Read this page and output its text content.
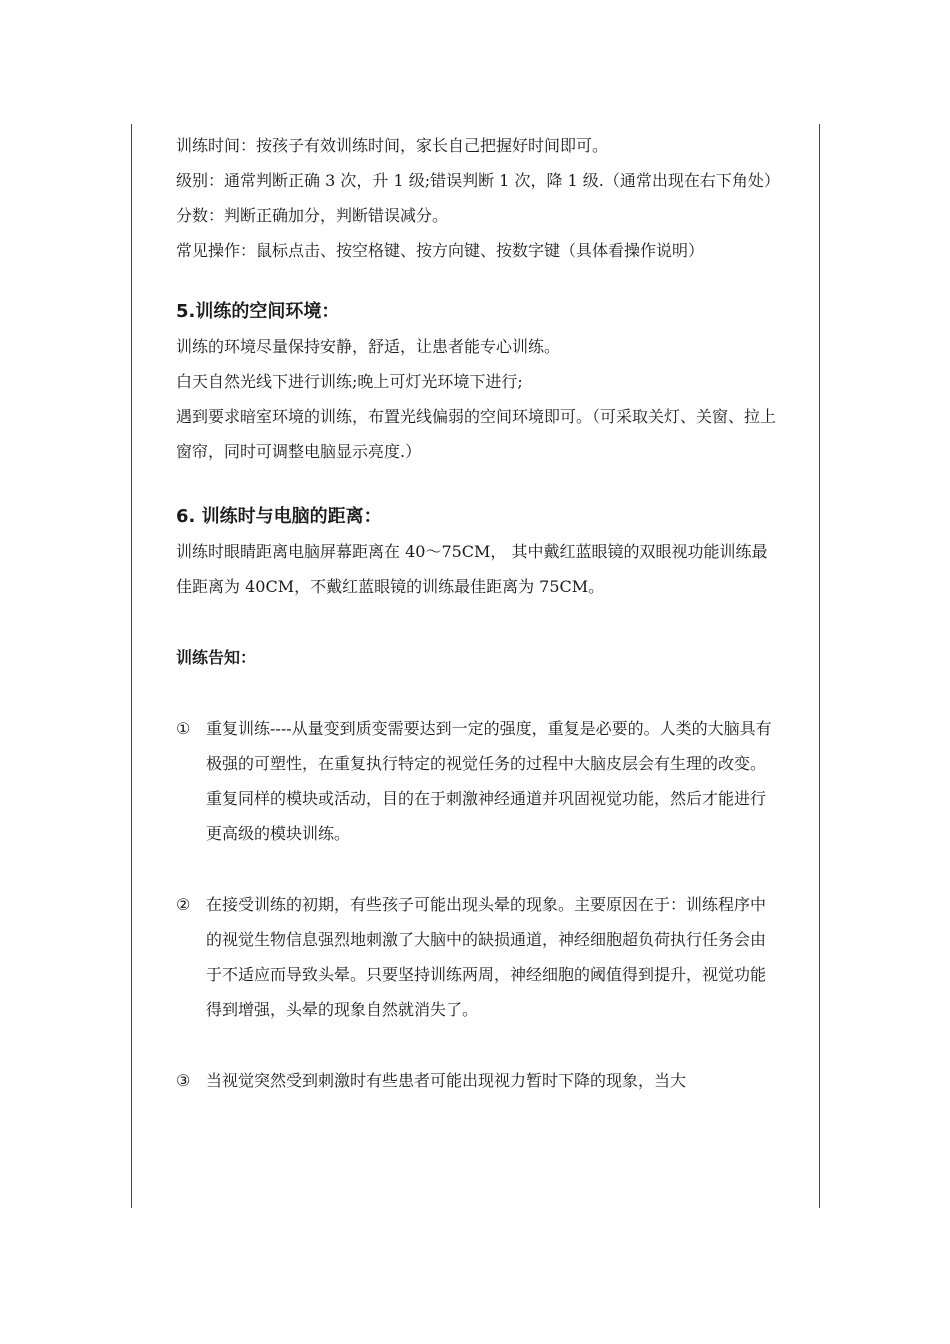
训练时间：按孩子有效训练时间，家长自己把握好时间即可。

级别：通常判断正确 3 次，升 1 级;错误判断 1 次，降 1 级.（通常出现在右下角处）

分数：判断正确加分，判断错误减分。

常见操作：鼠标点击、按空格键、按方向键、按数字键（具体看操作说明）

5.训练的空间环境：

训练的环境尽量保持安静，舒适，让患者能专心训练。

白天自然光线下进行训练;晚上可灯光环境下进行;

遇到要求暗室环境的训练，布置光线偏弱的空间环境即可。（可采取关灯、关窗、拉上窗帘，同时可调整电脑显示亮度.）

6. 训练时与电脑的距离：

训练时眼睛距离电脑屏幕距离在 40～75CM， 其中戴红蓝眼镜的双眼视功能训练最佳距离为 40CM，不戴红蓝眼镜的训练最佳距离为 75CM。

训练告知：

① 重复训练----从量变到质变需要达到一定的强度，重复是必要的。人类的大脑具有极强的可塑性，在重复执行特定的视觉任务的过程中大脑皮层会有生理的改变。重复同样的模块或活动，目的在于刺激神经通道并巩固视觉功能，然后才能进行更高级的模块训练。
② 在接受训练的初期，有些孩子可能出现头晕的现象。主要原因在于：训练程序中的视觉生物信息强烈地刺激了大脑中的缺损通道，神经细胞超负荷执行任务会由于不适应而导致头晕。只要坚持训练两周，神经细胞的阈值得到提升，视觉功能得到增强，头晕的现象自然就消失了。
③ 当视觉突然受到刺激时有些患者可能出现视力暂时下降的现象，当大
